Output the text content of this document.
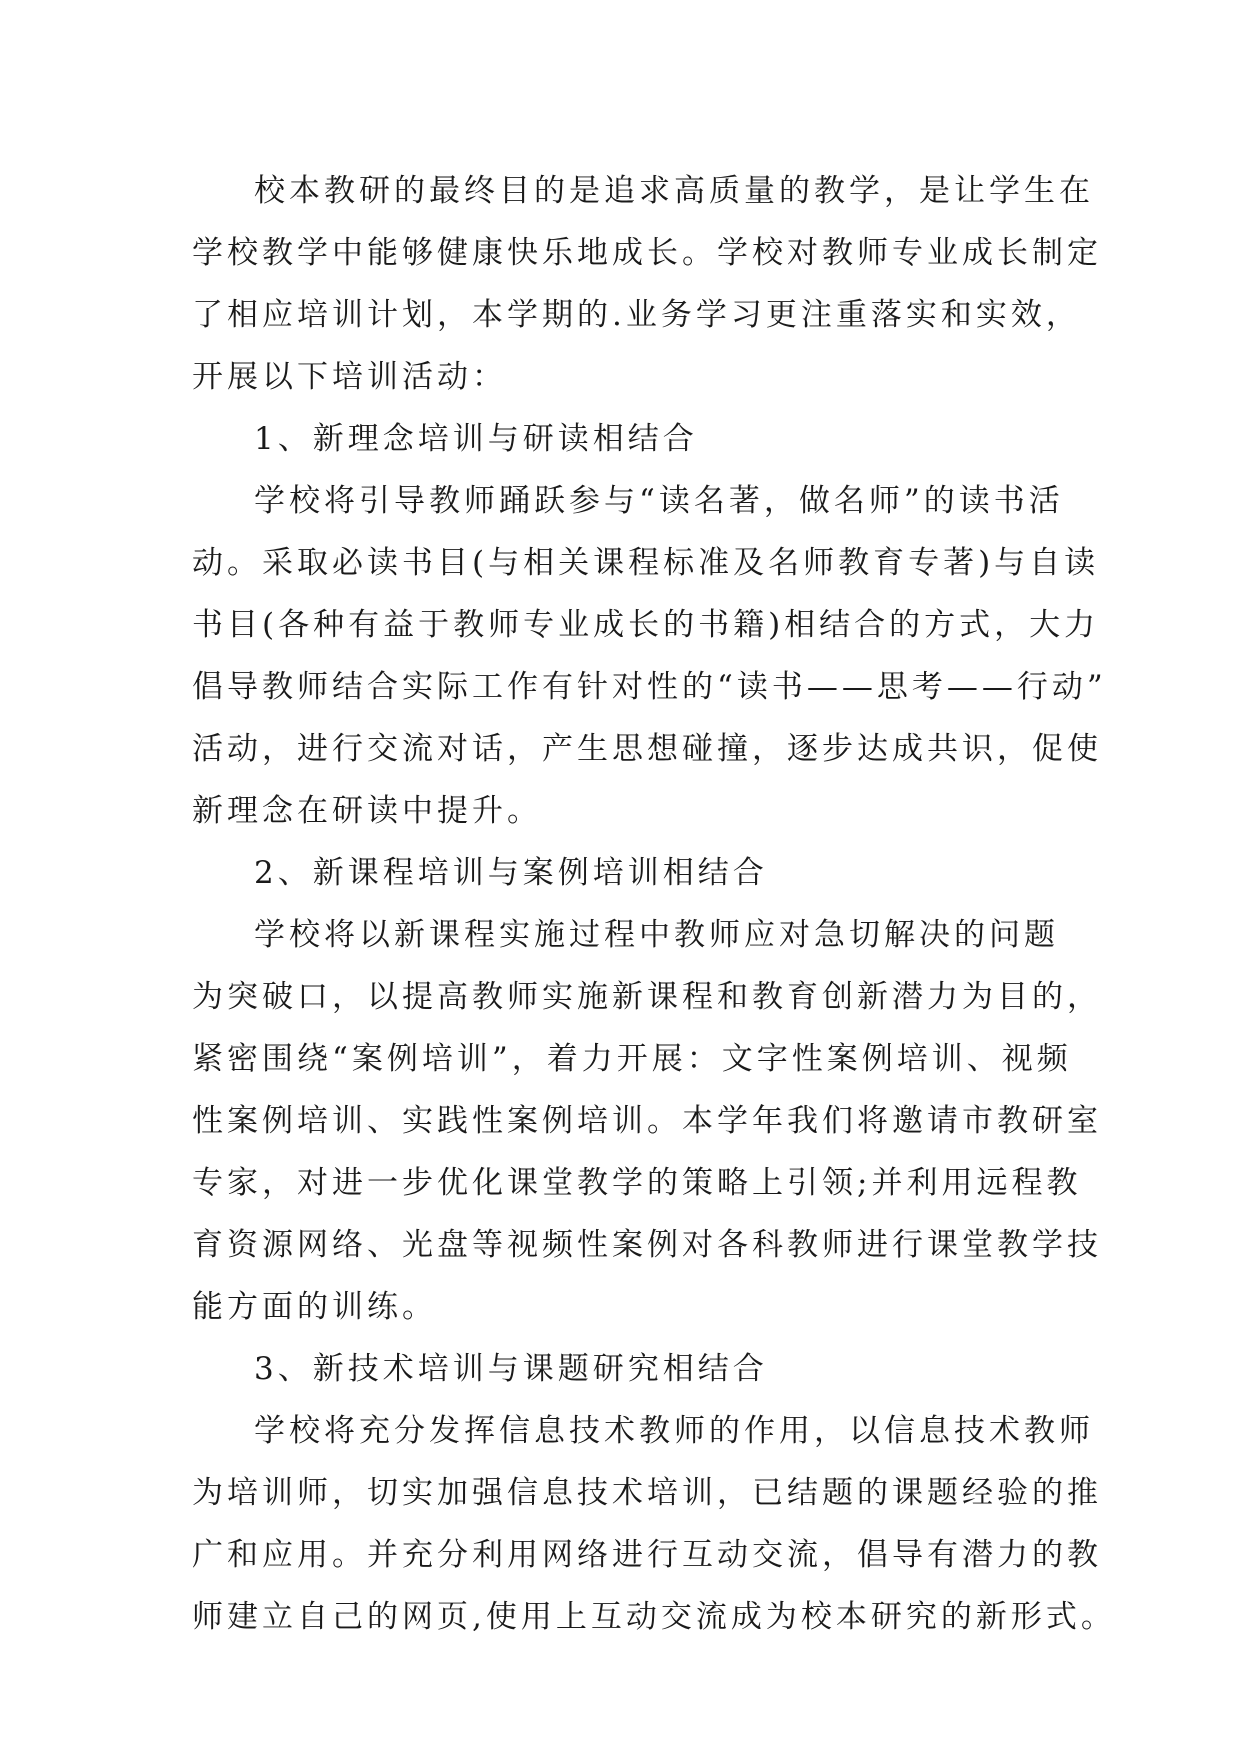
校本教研的最终目的是追求高质量的教学，是让学生在
学校教学中能够健康快乐地成长。学校对教师专业成长制定
了相应培训计划，本学期的.业务学习更注重落实和实效，
开展以下培训活动：
1、新理念培训与研读相结合
学校将引导教师踊跃参与“读名著，做名师”的读书活
动。采取必读书目(与相关课程标准及名师教育专著)与自读
书目(各种有益于教师专业成长的书籍)相结合的方式，大力
倡导教师结合实际工作有针对性的“读书——思考——行动”
活动，进行交流对话，产生思想碰撞，逐步达成共识，促使
新理念在研读中提升。
2、新课程培训与案例培训相结合
学校将以新课程实施过程中教师应对急切解决的问题
为突破口，以提高教师实施新课程和教育创新潜力为目的，
紧密围绕“案例培训”，着力开展：文字性案例培训、视频
性案例培训、实践性案例培训。本学年我们将邀请市教研室
专家，对进一步优化课堂教学的策略上引领;并利用远程教
育资源网络、光盘等视频性案例对各科教师进行课堂教学技
能方面的训练。
3、新技术培训与课题研究相结合
学校将充分发挥信息技术教师的作用，以信息技术教师
为培训师，切实加强信息技术培训，已结题的课题经验的推
广和应用。并充分利用网络进行互动交流，倡导有潜力的教
师建立自己的网页,使用上互动交流成为校本研究的新形式。
